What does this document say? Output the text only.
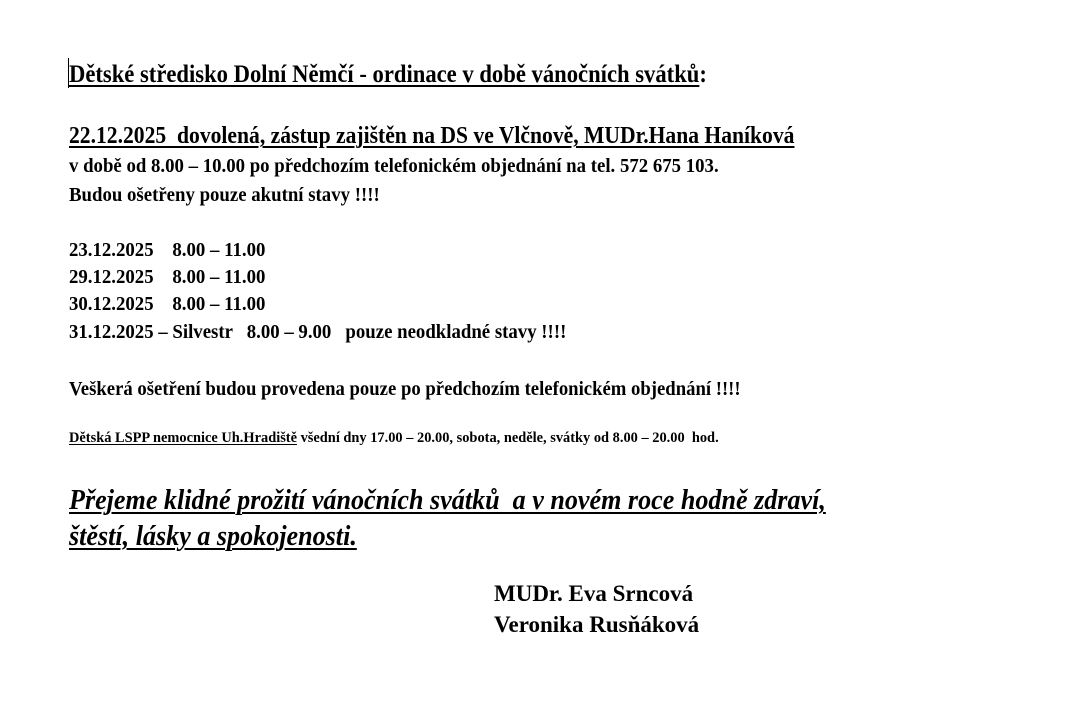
Dětské středisko Dolní Němčí - ordinace v době vánočních svátků:
22.12.2025  dovolená, zástup zajištěn na DS ve Vlčnově, MUDr.Hana Haníková
v době od 8.00 – 10.00 po předchozím telefonickém objednání na tel. 572 675 103.
Budou ošetřeny pouze akutní stavy !!!!
23.12.2025 8.00 – 11.00
29.12.2025 8.00 – 11.00
30.12.2025 8.00 – 11.00
31.12.2025 – Silvestr 8.00 – 9.00   pouze neodkladné stavy !!!!
Veškerá ošetření budou provedena pouze po předchozím telefonickém objednání !!!!
Dětská LSPP nemocnice Uh.Hradiště všední dny 17.00 – 20.00, sobota, neděle, svátky od 8.00 – 20.00  hod.
Přejeme klidné prožití vánočních svátků  a v novém roce hodně zdraví,
štěstí, lásky a spokojenosti.
MUDr. Eva Srncová
Veronika Rusňáková
